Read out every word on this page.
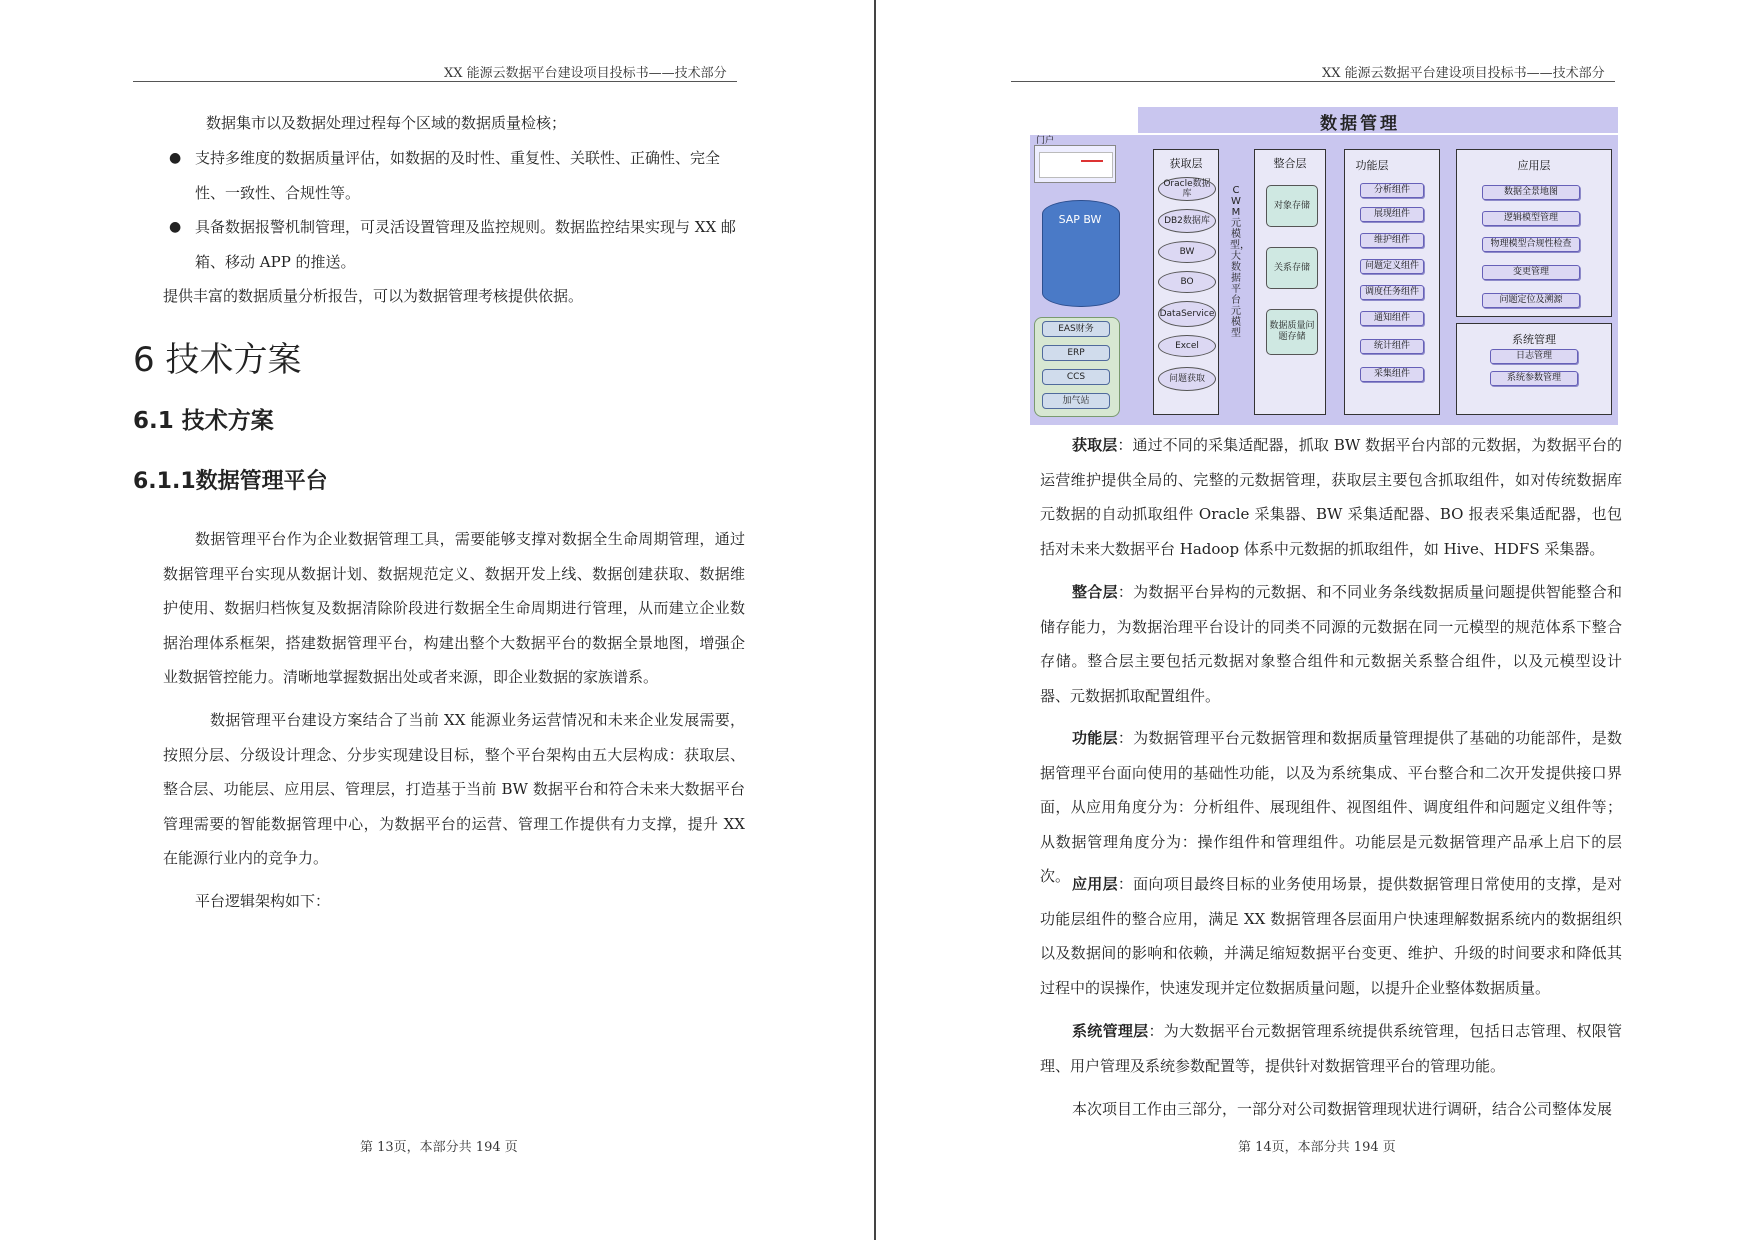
XX 能源云数据平台建设项目投标书——技术部分

数据集市以及数据处理过程每个区域的数据质量检核；

● 支持多维度的数据质量评估，如数据的及时性、重复性、关联性、正确性、完全性、一致性、合规性等。

● 具备数据报警机制管理，可灵活设置管理及监控规则。数据监控结果实现与 XX 邮箱、移动 APP 的推送。

提供丰富的数据质量分析报告，可以为数据管理考核提供依据。

6 技术方案
6.1 技术方案
6.1.1数据管理平台

数据管理平台作为企业数据管理工具，需要能够支撑对数据全生命周期管理，通过数据管理平台实现从数据计划、数据规范定义、数据开发上线、数据创建获取、数据维护使用、数据归档恢复及数据清除阶段进行数据全生命周期进行管理，从而建立企业数据治理体系框架，搭建数据管理平台，构建出整个大数据平台的数据全景地图，增强企业数据管控能力。清晰地掌握数据出处或者来源，即企业数据的家族谱系。

数据管理平台建设方案结合了当前 XX 能源业务运营情况和未来企业发展需要，按照分层、分级设计理念、分步实现建设目标，整个平台架构由五大层构成：获取层、整合层、功能层、应用层、管理层，打造基于当前 BW 数据平台和符合未来大数据平台管理需要的智能数据管理中心，为数据平台的运营、管理工作提供有力支撑，提升 XX 在能源行业内的竞争力。

平台逻辑架构如下：

第 13页，本部分共 194 页
XX 能源云数据平台建设项目投标书——技术部分
第 14页，本部分共 194 页
数据管理
门户
SAP BW
EAS财务
ERP
CCS
加气站
获取层
Oracle数据库
DB2数据库
BW
BO
DataService
Excel
问题获取
CWM元模型，大数据平台元模型
整合层
对象存储
关系存储
数据质量问题存储
功能层
分析组件
展现组件
维护组件
问题定义组件
调度任务组件
通知组件
统计组件
采集组件
应用层
数据全景地图
逻辑模型管理
物理模型合规性检查
变更管理
问题定位及溯源
系统管理
日志管理
系统参数管理

获取层：通过不同的采集适配器，抓取 BW 数据平台内部的元数据，为数据平台的运营维护提供全局的、完整的元数据管理，获取层主要包含抓取组件，如对传统数据库元数据的自动抓取组件 Oracle 采集器、BW 采集适配器、BO 报表采集适配器，也包括对未来大数据平台 Hadoop 体系中元数据的抓取组件，如 Hive、HDFS 采集器。

整合层：为数据平台异构的元数据、和不同业务条线数据质量问题提供智能整合和储存能力，为数据治理平台设计的同类不同源的元数据在同一元模型的规范体系下整合存储。整合层主要包括元数据对象整合组件和元数据关系整合组件，以及元模型设计器、元数据抓取配置组件。

功能层：为数据管理平台元数据管理和数据质量管理提供了基础的功能部件，是数据管理平台面向使用的基础性功能，以及为系统集成、平台整合和二次开发提供接口界面，从应用角度分为：分析组件、展现组件、视图组件、调度组件和问题定义组件等；从数据管理角度分为：操作组件和管理组件。功能层是元数据管理产品承上启下的层次。 应用层：面向项目最终目标的业务使用场景，提供数据管理日常使用的支撑，是对功能层组件的整合应用，满足 XX 数据管理各层面用户快速理解数据系统内的数据组织以及数据间的影响和依赖，并满足缩短数据平台变更、维护、升级的时间要求和降低其过程中的误操作，快速发现并定位数据质量问题，以提升企业整体数据质量。

系统管理层：为大数据平台元数据管理系统提供系统管理，包括日志管理、权限管理、用户管理及系统参数配置等，提供针对数据管理平台的管理功能。

本次项目工作由三部分，一部分对公司数据管理现状进行调研，结合公司整体发展
